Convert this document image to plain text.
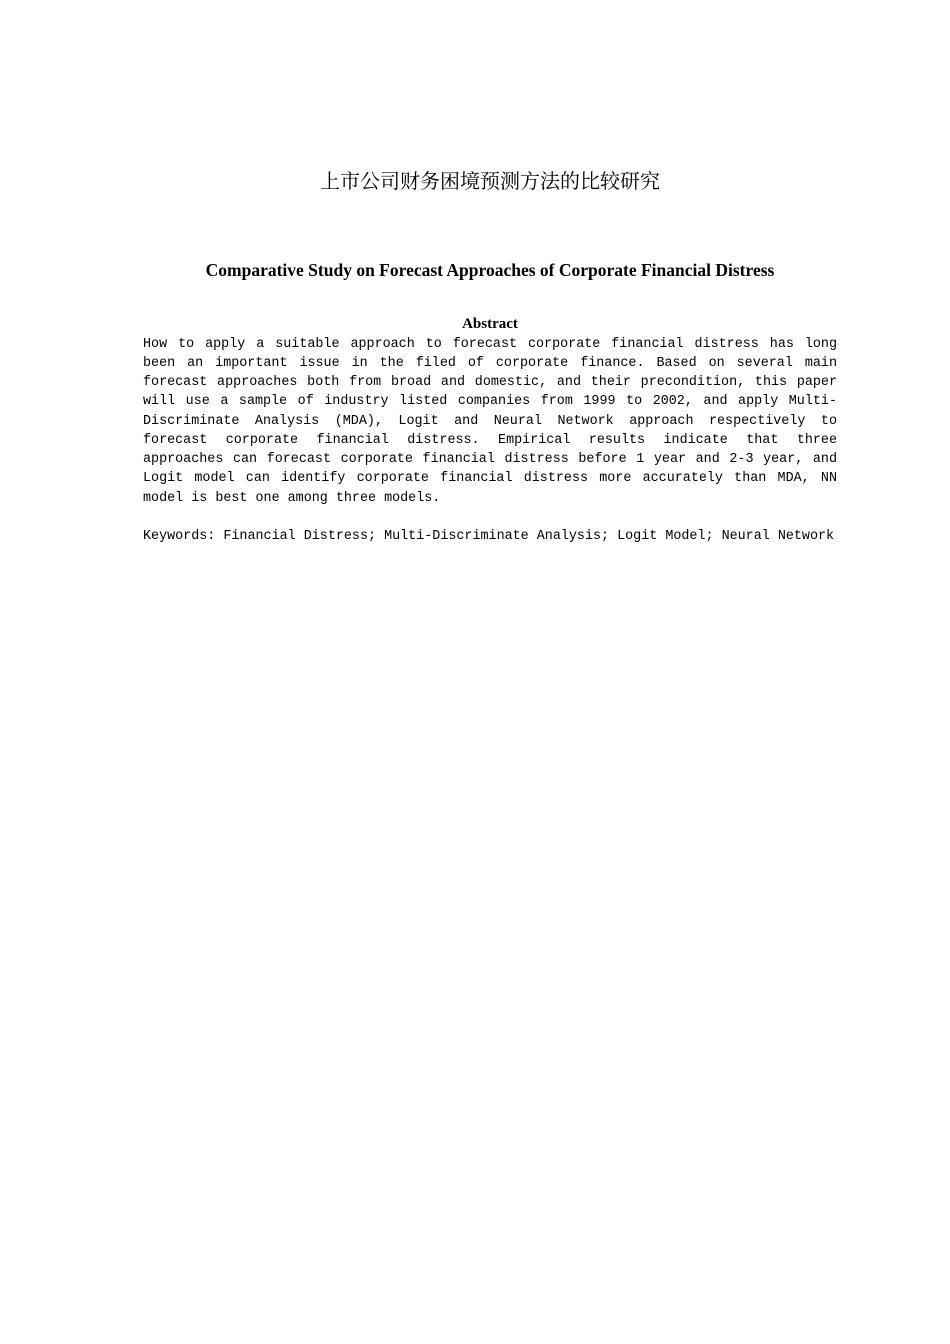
上市公司财务困境预测方法的比较研究
Comparative Study on Forecast Approaches of Corporate Financial Distress
Abstract

How to apply a suitable approach to forecast corporate financial distress has long been an important issue in the filed of corporate finance. Based on several main forecast approaches both from broad and domestic, and their precondition, this paper will use a sample of industry listed companies from 1999 to 2002, and apply Multi-Discriminate Analysis (MDA), Logit and Neural Network approach respectively to forecast corporate financial distress. Empirical results indicate that three approaches can forecast corporate financial distress before 1 year and 2-3 year, and Logit model can identify corporate financial distress more accurately than MDA, NN model is best one among three models.

Keywords: Financial Distress; Multi-Discriminate Analysis; Logit Model; Neural Network
